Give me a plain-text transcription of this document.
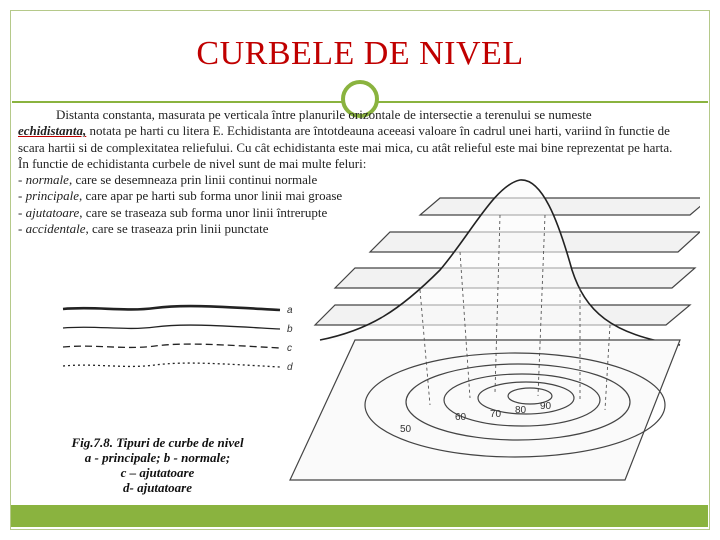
CURBELE DE NIVEL

Distanta constanta, masurata pe verticala între planurile orizontale de intersectie a terenului se numeste

echidistanta, notata pe harti cu litera E. Echidistanta are întotdeauna aceeasi valoare în cadrul unei harti, variind în functie de scara hartii si de complexitatea reliefului. Cu cât echidistanta este mai mica, cu atât relieful este mai bine reprezentat pe harta.

În functie de echidistanta curbele de nivel sunt de mai multe feluri:

- normale, care se desemneaza prin linii continui normale

- principale, care apar pe harti sub forma unor linii mai groase

- ajutatoare, care se traseaza sub forma unor linii întrerupte

- accidentale, care se traseaza prin linii punctate

a
b
c
d
50
60 70 80 90
Fig.7.8. Tipuri de curbe de nivel
a - principale; b - normale;
c – ajutatoare
d- ajutatoare
